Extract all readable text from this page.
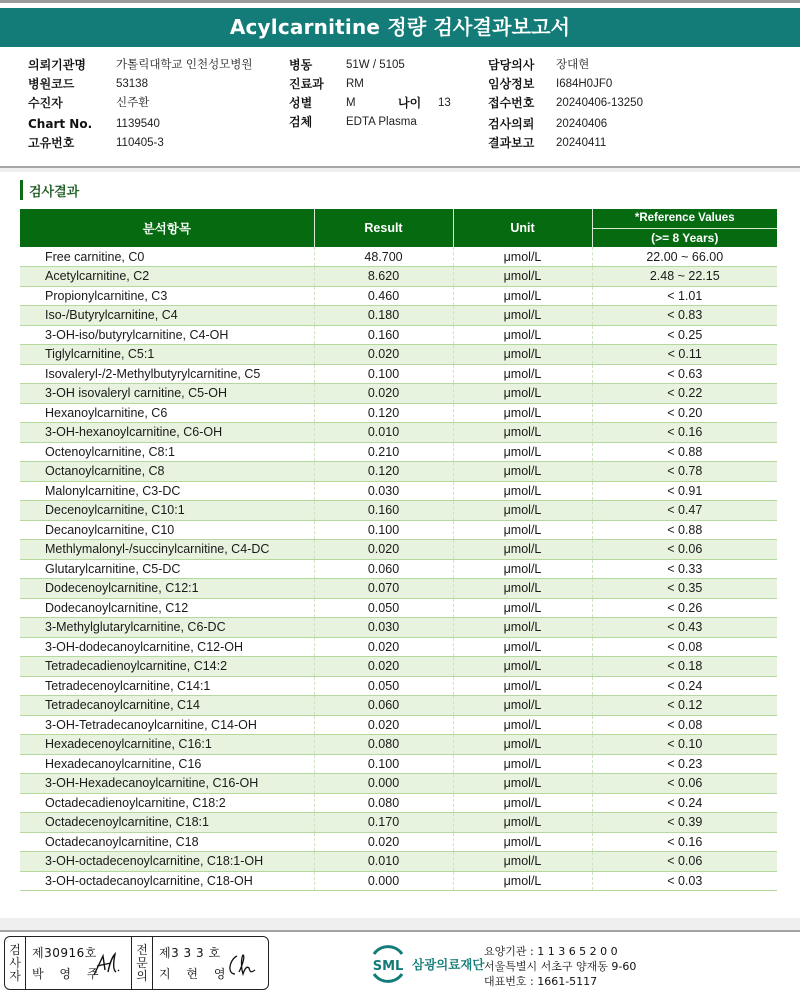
Acylcarnitine 정량 검사결과보고서
의뢰기관명	가톨릭대학교 인천성모병원
병원코드	53138
수진자	신주환
Chart No.	1139540
고유번호	110405-3
병동	51W / 5105
진료과	RM
성별	M	나이	13
검체	EDTA Plasma
담당의사	장대현
임상정보	I684H0JF0
접수번호	20240406-13250
검사의뢰	20240406
결과보고	20240411
검사결과
분석항목	Result	Unit	*Reference Values
			(>= 8 Years)
Free carnitine, C0	48.700	μmol/L	22.00 ~ 66.00
Acetylcarnitine, C2	8.620	μmol/L	2.48 ~ 22.15
Propionylcarnitine, C3	0.460	μmol/L	< 1.01
Iso-/Butyrylcarnitine, C4	0.180	μmol/L	< 0.83
3-OH-iso/butyrylcarnitine, C4-OH	0.160	μmol/L	< 0.25
Tiglylcarnitine, C5:1	0.020	μmol/L	< 0.11
Isovaleryl-/2-Methylbutyrylcarnitine, C5	0.100	μmol/L	< 0.63
3-OH isovaleryl carnitine, C5-OH	0.020	μmol/L	< 0.22
Hexanoylcarnitine, C6	0.120	μmol/L	< 0.20
3-OH-hexanoylcarnitine, C6-OH	0.010	μmol/L	< 0.16
Octenoylcarnitine, C8:1	0.210	μmol/L	< 0.88
Octanoylcarnitine, C8	0.120	μmol/L	< 0.78
Malonylcarnitine, C3-DC	0.030	μmol/L	< 0.91
Decenoylcarnitine, C10:1	0.160	μmol/L	< 0.47
Decanoylcarnitine, C10	0.100	μmol/L	< 0.88
Methlymalonyl-/succinylcarnitine, C4-DC	0.020	μmol/L	< 0.06
Glutarylcarnitine, C5-DC	0.060	μmol/L	< 0.33
Dodecenoylcarnitine, C12:1	0.070	μmol/L	< 0.35
Dodecanoylcarnitine, C12	0.050	μmol/L	< 0.26
3-Methylglutarylcarnitine, C6-DC	0.030	μmol/L	< 0.43
3-OH-dodecanoylcarnitine, C12-OH	0.020	μmol/L	< 0.08
Tetradecadienoylcarnitine, C14:2	0.020	μmol/L	< 0.18
Tetradecenoylcarnitine, C14:1	0.050	μmol/L	< 0.24
Tetradecanoylcarnitine, C14	0.060	μmol/L	< 0.12
3-OH-Tetradecanoylcarnitine, C14-OH	0.020	μmol/L	< 0.08
Hexadecenoylcarnitine, C16:1	0.080	μmol/L	< 0.10
Hexadecanoylcarnitine, C16	0.100	μmol/L	< 0.23
3-OH-Hexadecanoylcarnitine, C16-OH	0.000	μmol/L	< 0.06
Octadecadienoylcarnitine, C18:2	0.080	μmol/L	< 0.24
Octadecenoylcarnitine, C18:1	0.170	μmol/L	< 0.39
Octadecanoylcarnitine, C18	0.020	μmol/L	< 0.16
3-OH-octadecenoylcarnitine, C18:1-OH	0.010	μmol/L	< 0.06
3-OH-octadecanoylcarnitine, C18-OH	0.000	μmol/L	< 0.03
검
사
자
제30916호
박 영 주
전
문
의
제3 3 3 호
지 현 영	SML 삼광의료재단
요양기관 : 1 1 3 6 5 2 0 0
서울특별시 서초구 양재동 9-60
대표번호 : 1661-5117
